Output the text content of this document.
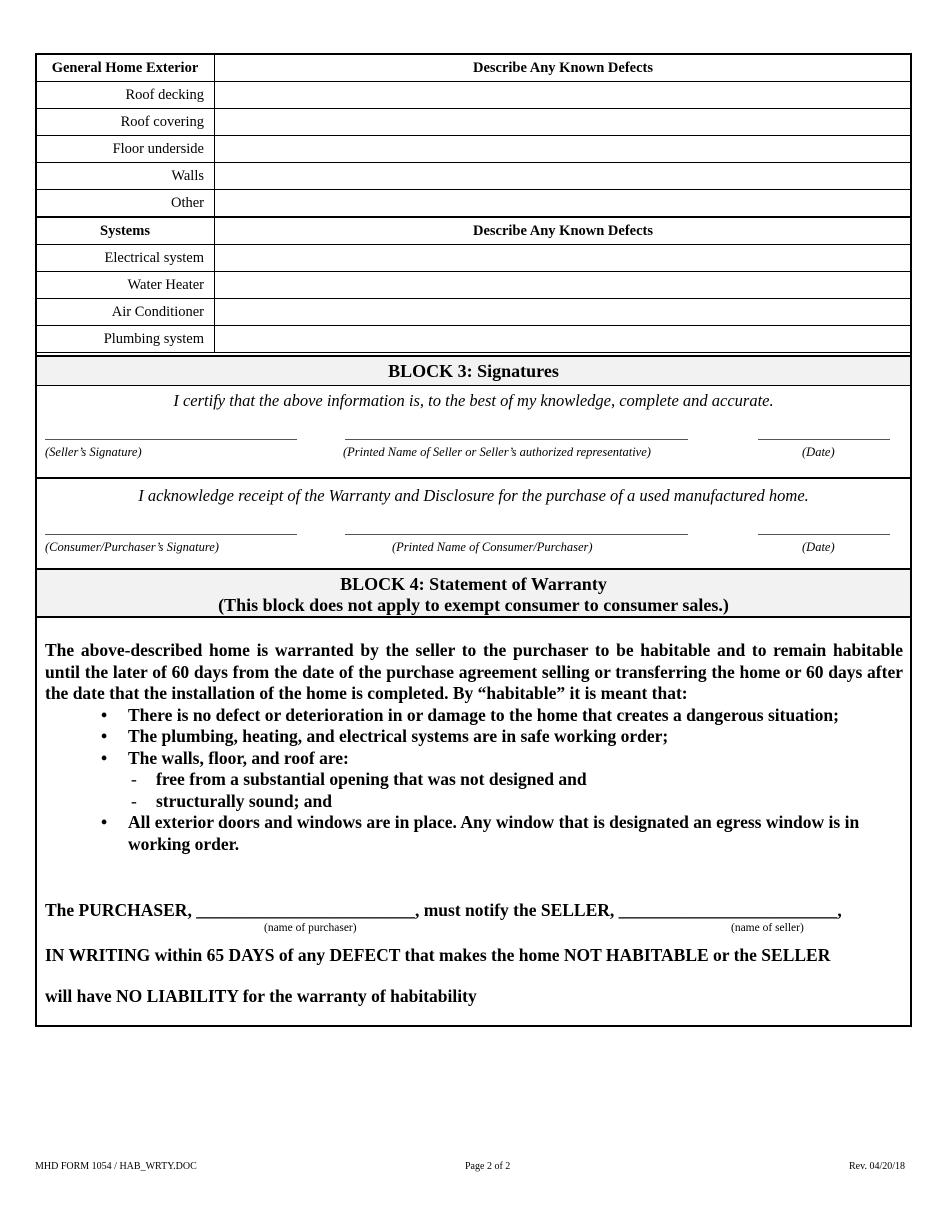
General Home Exterior	Describe Any Known Defects
Roof decking	
Roof covering	
Floor underside	
Walls	
Other	
Systems	Describe Any Known Defects
Electrical system	
Water Heater	
Air Conditioner	
Plumbing system	
BLOCK 3: Signatures
I certify that the above information is, to the best of my knowledge, complete and accurate.
(Seller’s Signature)	(Printed Name of Seller or Seller’s authorized representative)	(Date)
I acknowledge receipt of the Warranty and Disclosure for the purchase of a used manufactured home.
(Consumer/Purchaser’s Signature)	(Printed Name of Consumer/Purchaser)	(Date)
BLOCK 4: Statement of Warranty
(This block does not apply to exempt consumer to consumer sales.)

The above-described home is warranted by the seller to the purchaser to be habitable and to remain habitable until the later of 60 days from the date of the purchase agreement selling or transferring the home or 60 days after the date that the installation of the home is completed. By “habitable” it is meant that:

• There is no defect or deterioration in or damage to the home that creates a dangerous situation;
• The plumbing, heating, and electrical systems are in safe working order;
• The walls, floor, and roof are:
- free from a substantial opening that was not designed and
- structurally sound; and
• All exterior doors and windows are in place. Any window that is designated an egress window is in working order.
The PURCHASER, _________________________, must notify the SELLER, _________________________,
(name of purchaser)	(name of seller)
IN WRITING within 65 DAYS of any DEFECT that makes the home NOT HABITABLE or the SELLER
will have NO LIABILITY for the warranty of habitability
MHD FORM 1054 / HAB_WRTY.DOC	Page 2 of 2	Rev. 04/20/18
